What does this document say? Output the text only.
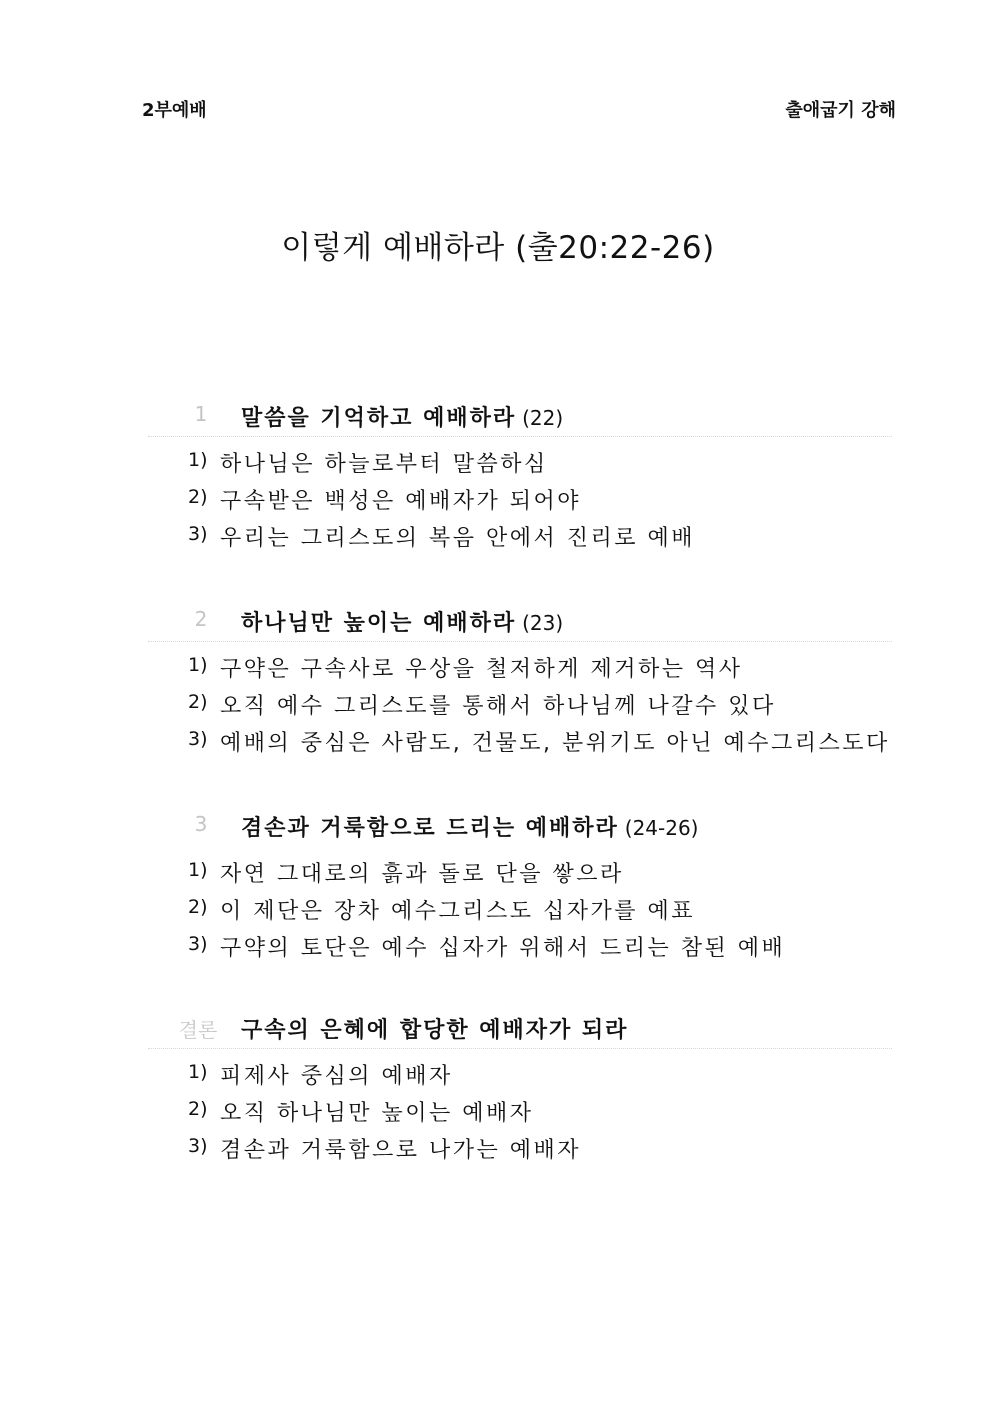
2부예배	출애굽기 강해
이렇게 예배하라 (출20:22-26)
1	말씀을 기억하고 예배하라 (22)
1) 하나님은 하늘로부터 말씀하심
2) 구속받은 백성은 예배자가 되어야
3) 우리는 그리스도의 복음 안에서 진리로 예배
2	하나님만 높이는 예배하라 (23)
1) 구약은 구속사로 우상을 철저하게 제거하는 역사
2) 오직 예수 그리스도를 통해서 하나님께 나갈수 있다
3) 예배의 중심은 사람도, 건물도, 분위기도 아닌 예수그리스도다
3	겸손과 거룩함으로 드리는 예배하라 (24-26)
1) 자연 그대로의 흙과 돌로 단을 쌓으라
2) 이 제단은 장차 예수그리스도 십자가를 예표
3) 구약의 토단은 예수 십자가 위해서 드리는 참된 예배
결론	구속의 은혜에 합당한 예배자가 되라
1) 피제사 중심의 예배자
2) 오직 하나님만 높이는 예배자
3) 겸손과 거룩함으로 나가는 예배자
